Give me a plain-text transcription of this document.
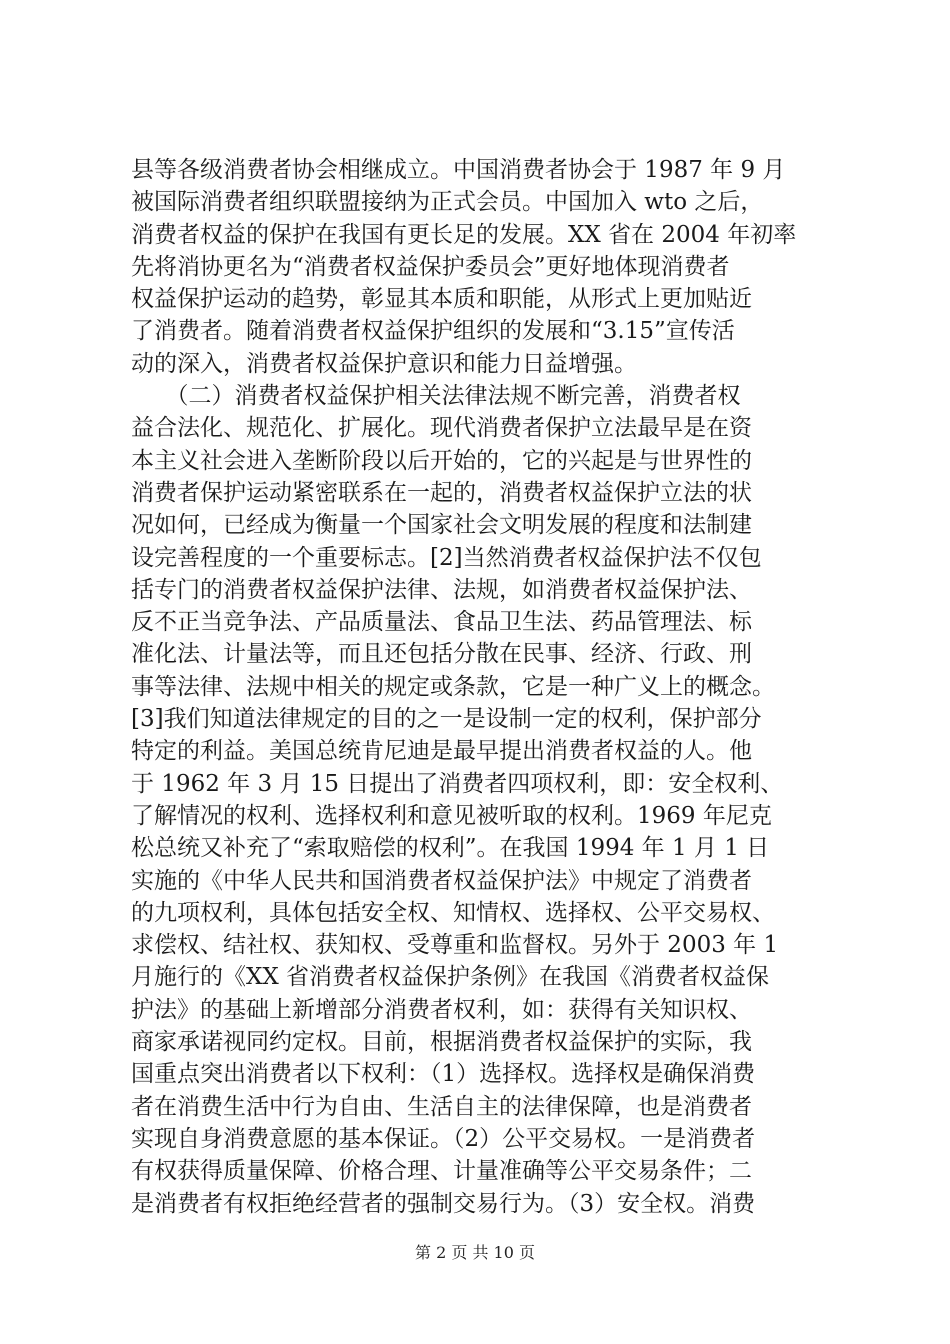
县等各级消费者协会相继成立。中国消费者协会于 1987 年 9 月
被国际消费者组织联盟接纳为正式会员。中国加入 wto 之后，
消费者权益的保护在我国有更长足的发展。XX 省在 2004 年初率
先将消协更名为“消费者权益保护委员会”更好地体现消费者
权益保护运动的趋势，彰显其本质和职能，从形式上更加贴近
了消费者。随着消费者权益保护组织的发展和“3.15”宣传活
动的深入，消费者权益保护意识和能力日益增强。
　　（二）消费者权益保护相关法律法规不断完善，消费者权
益合法化、规范化、扩展化。现代消费者保护立法最早是在资
本主义社会进入垄断阶段以后开始的，它的兴起是与世界性的
消费者保护运动紧密联系在一起的，消费者权益保护立法的状
况如何，已经成为衡量一个国家社会文明发展的程度和法制建
设完善程度的一个重要标志。[2]当然消费者权益保护法不仅包
括专门的消费者权益保护法律、法规，如消费者权益保护法、
反不正当竞争法、产品质量法、食品卫生法、药品管理法、标
准化法、计量法等，而且还包括分散在民事、经济、行政、刑
事等法律、法规中相关的规定或条款，它是一种广义上的概念。
[3]我们知道法律规定的目的之一是设制一定的权利，保护部分
特定的利益。美国总统肯尼迪是最早提出消费者权益的人。他
于 1962 年 3 月 15 日提出了消费者四项权利，即：安全权利、
了解情况的权利、选择权利和意见被听取的权利。1969 年尼克
松总统又补充了“索取赔偿的权利”。在我国 1994 年 1 月 1 日
实施的《中华人民共和国消费者权益保护法》中规定了消费者
的九项权利，具体包括安全权、知情权、选择权、公平交易权、
求偿权、结社权、获知权、受尊重和监督权。另外于 2003 年 1
月施行的《XX 省消费者权益保护条例》在我国《消费者权益保
护法》的基础上新增部分消费者权利，如：获得有关知识权、
商家承诺视同约定权。目前，根据消费者权益保护的实际，我
国重点突出消费者以下权利：（1）选择权。选择权是确保消费
者在消费生活中行为自由、生活自主的法律保障，也是消费者
实现自身消费意愿的基本保证。（2）公平交易权。一是消费者
有权获得质量保障、价格合理、计量准确等公平交易条件；二
是消费者有权拒绝经营者的强制交易行为。（3）安全权。消费
第 2 页 共 10 页
